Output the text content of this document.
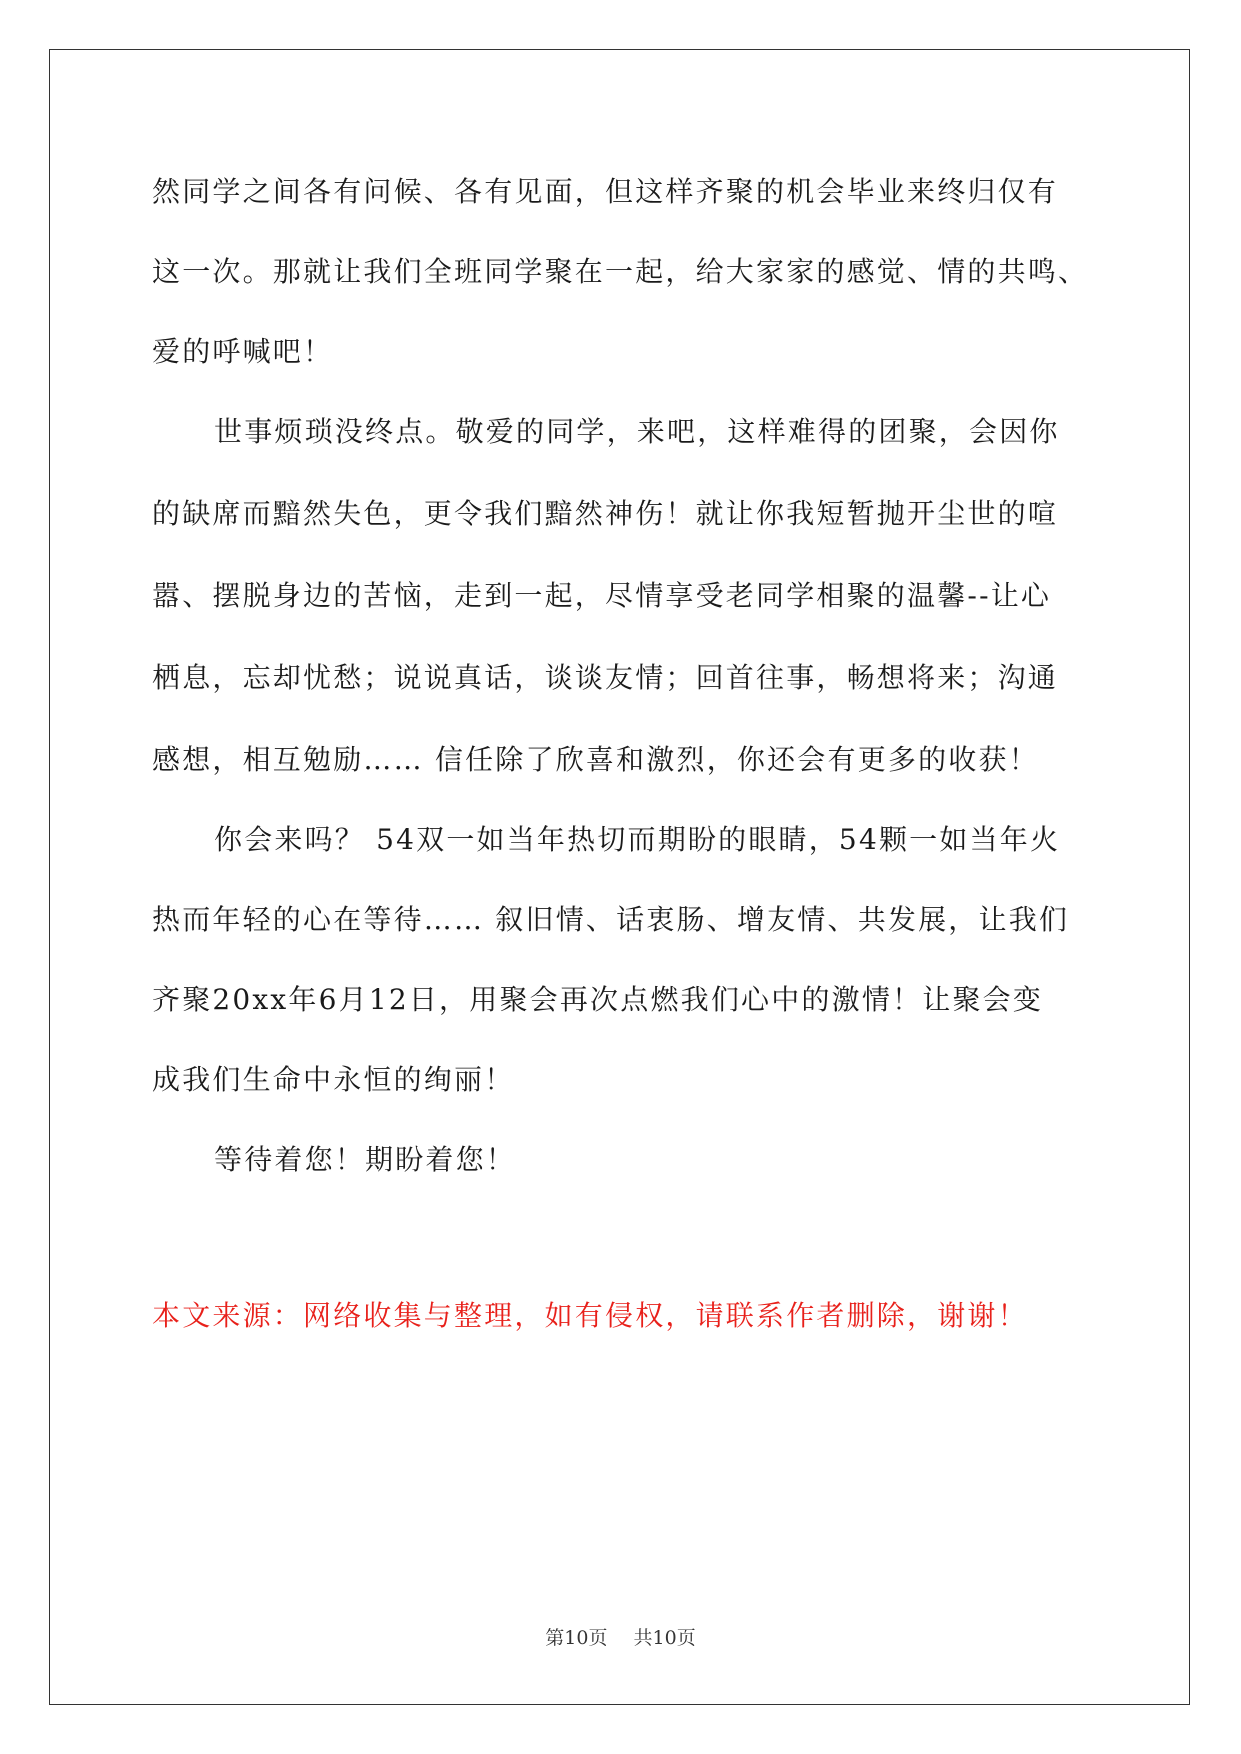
然同学之间各有问候、各有见面，但这样齐聚的机会毕业来终归仅有
这一次。那就让我们全班同学聚在一起，给大家家的感觉、情的共鸣、
爱的呼喊吧！
世事烦琐没终点。敬爱的同学，来吧，这样难得的团聚，会因你
的缺席而黯然失色，更令我们黯然神伤！就让你我短暂抛开尘世的喧
嚣、摆脱身边的苦恼，走到一起，尽情享受老同学相聚的温馨--让心
栖息，忘却忧愁；说说真话，谈谈友情；回首往事，畅想将来；沟通
感想，相互勉励…… 信任除了欣喜和激烈，你还会有更多的收获！
你会来吗？ 54双一如当年热切而期盼的眼睛，54颗一如当年火
热而年轻的心在等待…… 叙旧情、话衷肠、增友情、共发展，让我们
齐聚20xx年6月12日，用聚会再次点燃我们心中的激情！让聚会变
成我们生命中永恒的绚丽！
等待着您！期盼着您！
本文来源：网络收集与整理，如有侵权，请联系作者删除，谢谢！
第10页 共10页
